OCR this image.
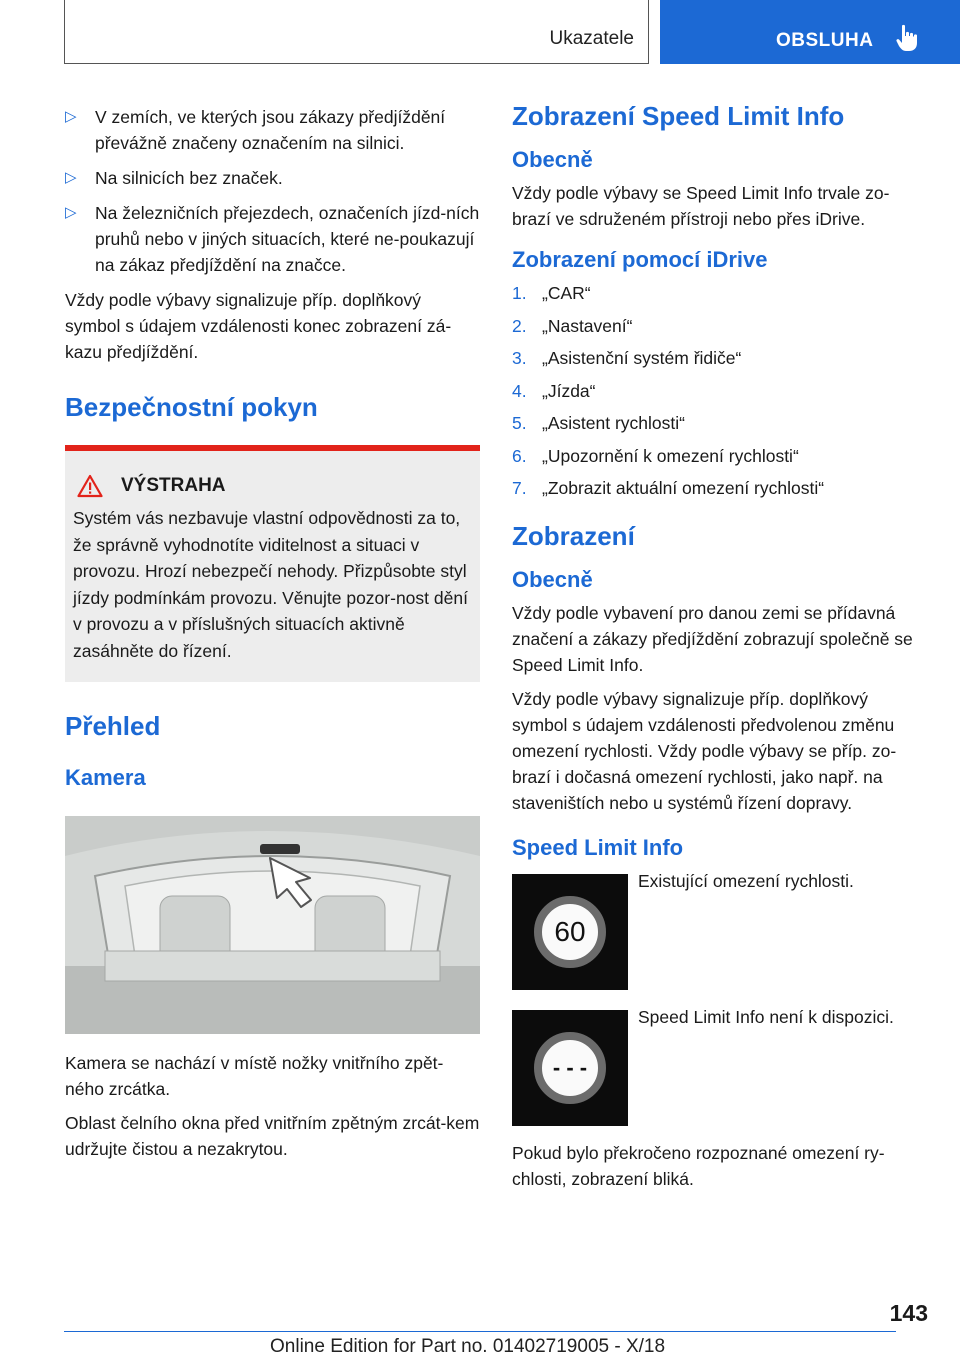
Ukazatele	OBSLUHA
▷ V zemích, ve kterých jsou zákazy předjíždění převážně značeny označením na silnici.
▷ Na silnicích bez značek.
▷ Na železničních přejezdech, označeních jízd-ních pruhů nebo v jiných situacích, které ne-poukazují na zákaz předjíždění na značce.

Vždy podle výbavy signalizuje příp. doplňkový symbol s údajem vzdálenosti konec zobrazení zá-kazu předjíždění.

Bezpečnostní pokyn
VÝSTRAHA

Systém vás nezbavuje vlastní odpovědnosti za to, že správně vyhodnotíte viditelnost a situaci v provozu. Hrozí nebezpečí nehody. Přizpůsobte styl jízdy podmínkám provozu. Věnujte pozor-nost dění v provozu a v příslušných situacích aktivně zasáhněte do řízení.

Přehled
Kamera

Kamera se nachází v místě nožky vnitřního zpět-ného zrcátka.

Oblast čelního okna před vnitřním zpětným zrcát-kem udržujte čistou a nezakrytou.

Zobrazení Speed Limit Info
Obecně

Vždy podle výbavy se Speed Limit Info trvale zo-brazí ve sdruženém přístroji nebo přes iDrive.

Zobrazení pomocí iDrive
1. „CAR“
2. „Nastavení“
3. „Asistenční systém řidiče“
4. „Jízda“
5. „Asistent rychlosti“
6. „Upozornění k omezení rychlosti“
7. „Zobrazit aktuální omezení rychlosti“
Zobrazení
Obecně

Vždy podle vybavení pro danou zemi se přídavná značení a zákazy předjíždění zobrazují společně se Speed Limit Info.

Vždy podle výbavy signalizuje příp. doplňkový symbol s údajem vzdálenosti předvolenou změnu omezení rychlosti. Vždy podle výbavy se příp. zo-brazí i dočasná omezení rychlosti, jako např. na staveništích nebo u systémů řízení dopravy.

Speed Limit Info
60
Existující omezení rychlosti.
- - -
Speed Limit Info není k dispozici.

Pokud bylo překročeno rozpoznané omezení ry-chlosti, zobrazení bliká.

143
Online Edition for Part no. 01402719005 - X/18
